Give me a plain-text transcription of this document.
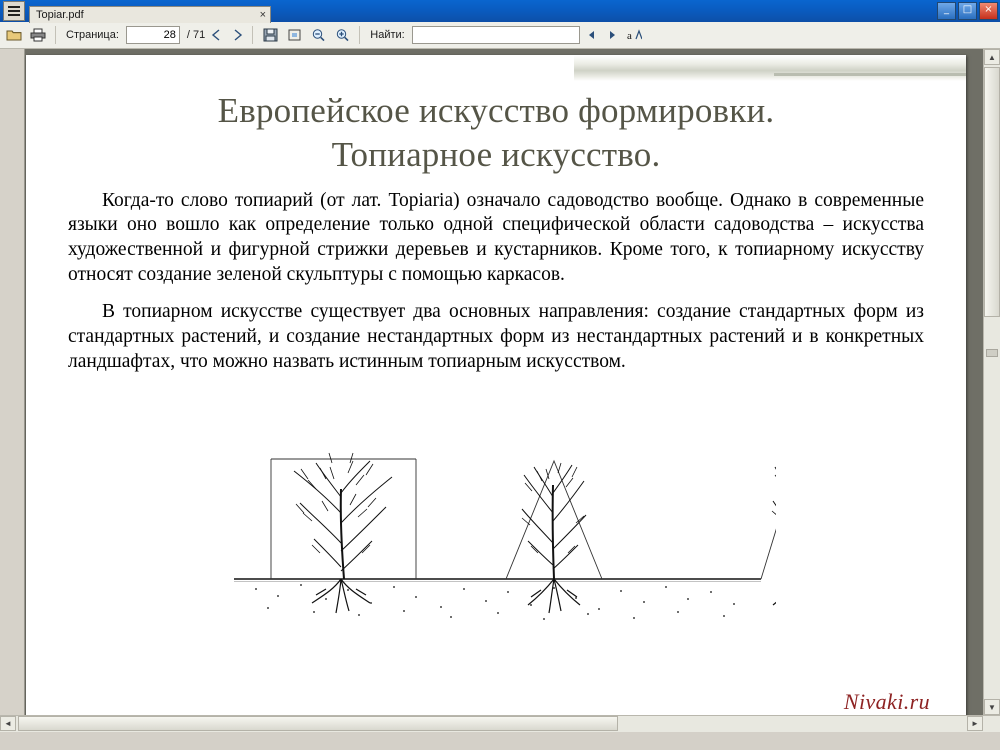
Topiar.pdf	×	_	□	×
Страница:
28	/ 71	Найти:	a
Европейское искусство формировки.
Топиарное искусство.

Когда-то слово топиарий (от лат. Topiaria) означало садоводство вообще. Однако в современные языки оно вошло как определение только одной специфической области садоводства – искусства художественной и фигурной стрижки деревьев и кустарников. Кроме того, к топиарному искусству относят создание зеленой скульптуры с помощью каркасов.

В топиарном искусстве существует два основных направления: создание стандартных форм из стандартных растений, и создание нестандартных форм из нестандартных растений и в конкретных ландшафтах, что можно назвать истинным топиарным искусством.

Nivaki.ru
▲
▼
◄	►
